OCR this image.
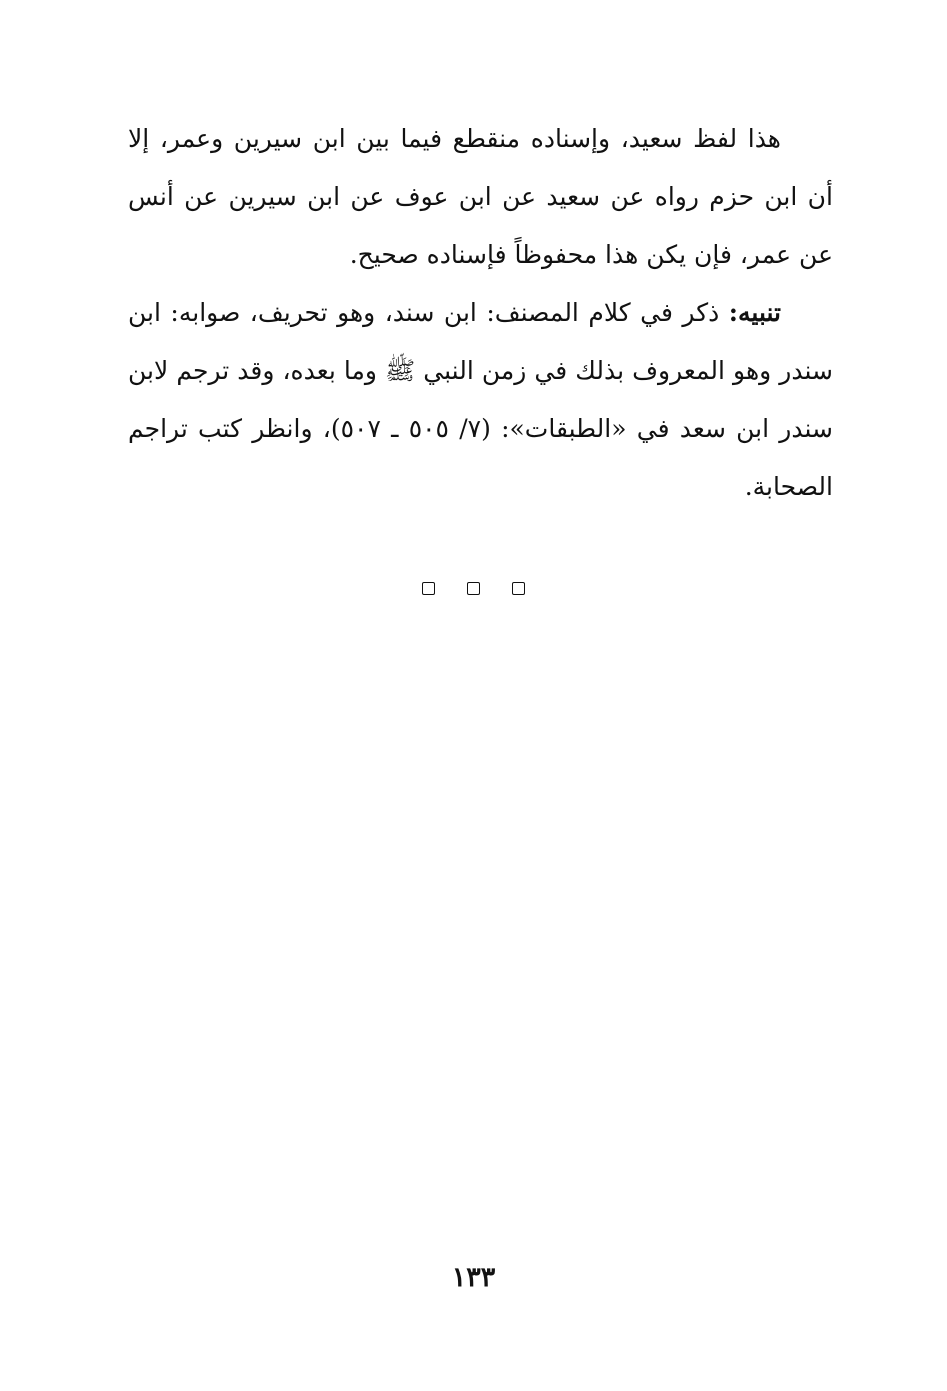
هذا لفظ سعيد، وإسناده منقطع فيما بين ابن سيرين وعمر، إلا أن ابن حزم رواه عن سعيد عن ابن عوف عن ابن سيرين عن أنس عن عمر، فإن يكن هذا محفوظاً فإسناده صحيح.

تنبيه: ذكر في كلام المصنف: ابن سند، وهو تحريف، صوابه: ابن سندر وهو المعروف بذلك في زمن النبي ﷺ وما بعده، وقد ترجم لابن سندر ابن سعد في «الطبقات»: (٧/ ٥٠٥ ـ ٥٠٧)، وانظر كتب تراجم الصحابة.

١٣٣
